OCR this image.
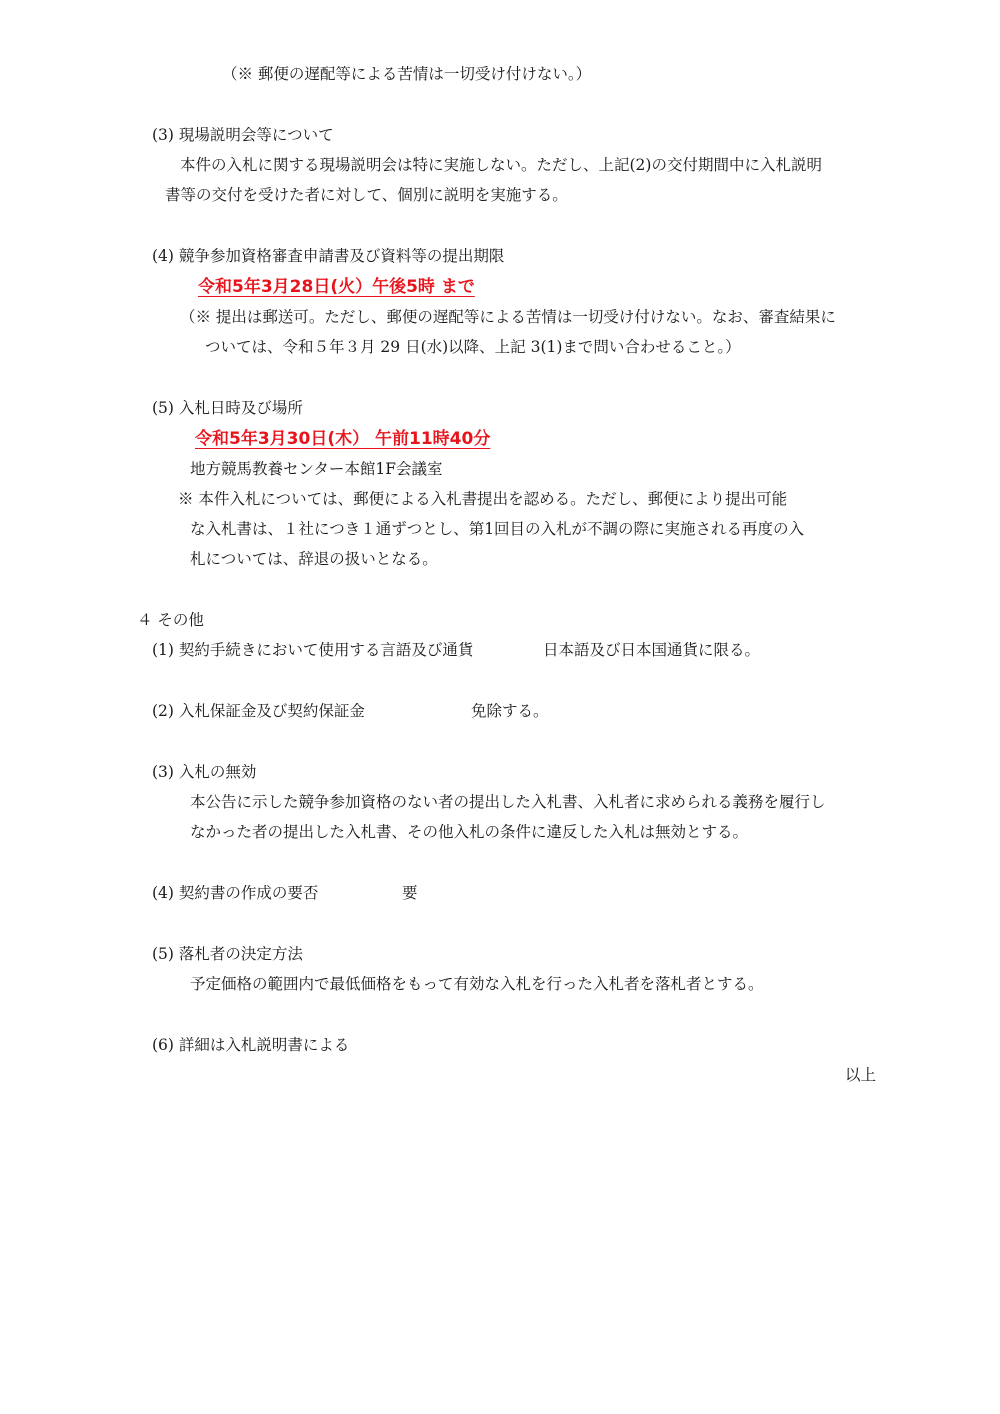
（※ 郵便の遅配等による苦情は一切受け付けない。）
(3) 現場説明会等について
本件の入札に関する現場説明会は特に実施しない。ただし、上記(2)の交付期間中に入札説明
書等の交付を受けた者に対して、個別に説明を実施する。
(4) 競争参加資格審査申請書及び資料等の提出期限
令和5年3月28日(火）午後5時 まで
（※ 提出は郵送可。ただし、郵便の遅配等による苦情は一切受け付けない。なお、審査結果に
ついては、令和５年３月 29 日(水)以降、上記 3(1)まで問い合わせること。）
(5) 入札日時及び場所
令和5年3月30日(木） 午前11時40分
地方競馬教養センター本館1F会議室
※ 本件入札については、郵便による入札書提出を認める。ただし、郵便により提出可能
な入札書は、１社につき１通ずつとし、第1回目の入札が不調の際に実施される再度の入
札については、辞退の扱いとなる。
４ その他
(1) 契約手続きにおいて使用する言語及び通貨	日本語及び日本国通貨に限る。
(2) 入札保証金及び契約保証金	免除する。
(3) 入札の無効
本公告に示した競争参加資格のない者の提出した入札書、入札者に求められる義務を履行し
なかった者の提出した入札書、その他入札の条件に違反した入札は無効とする。
(4) 契約書の作成の要否	要
(5) 落札者の決定方法
予定価格の範囲内で最低価格をもって有効な入札を行った入札者を落札者とする。
(6) 詳細は入札説明書による
以上
